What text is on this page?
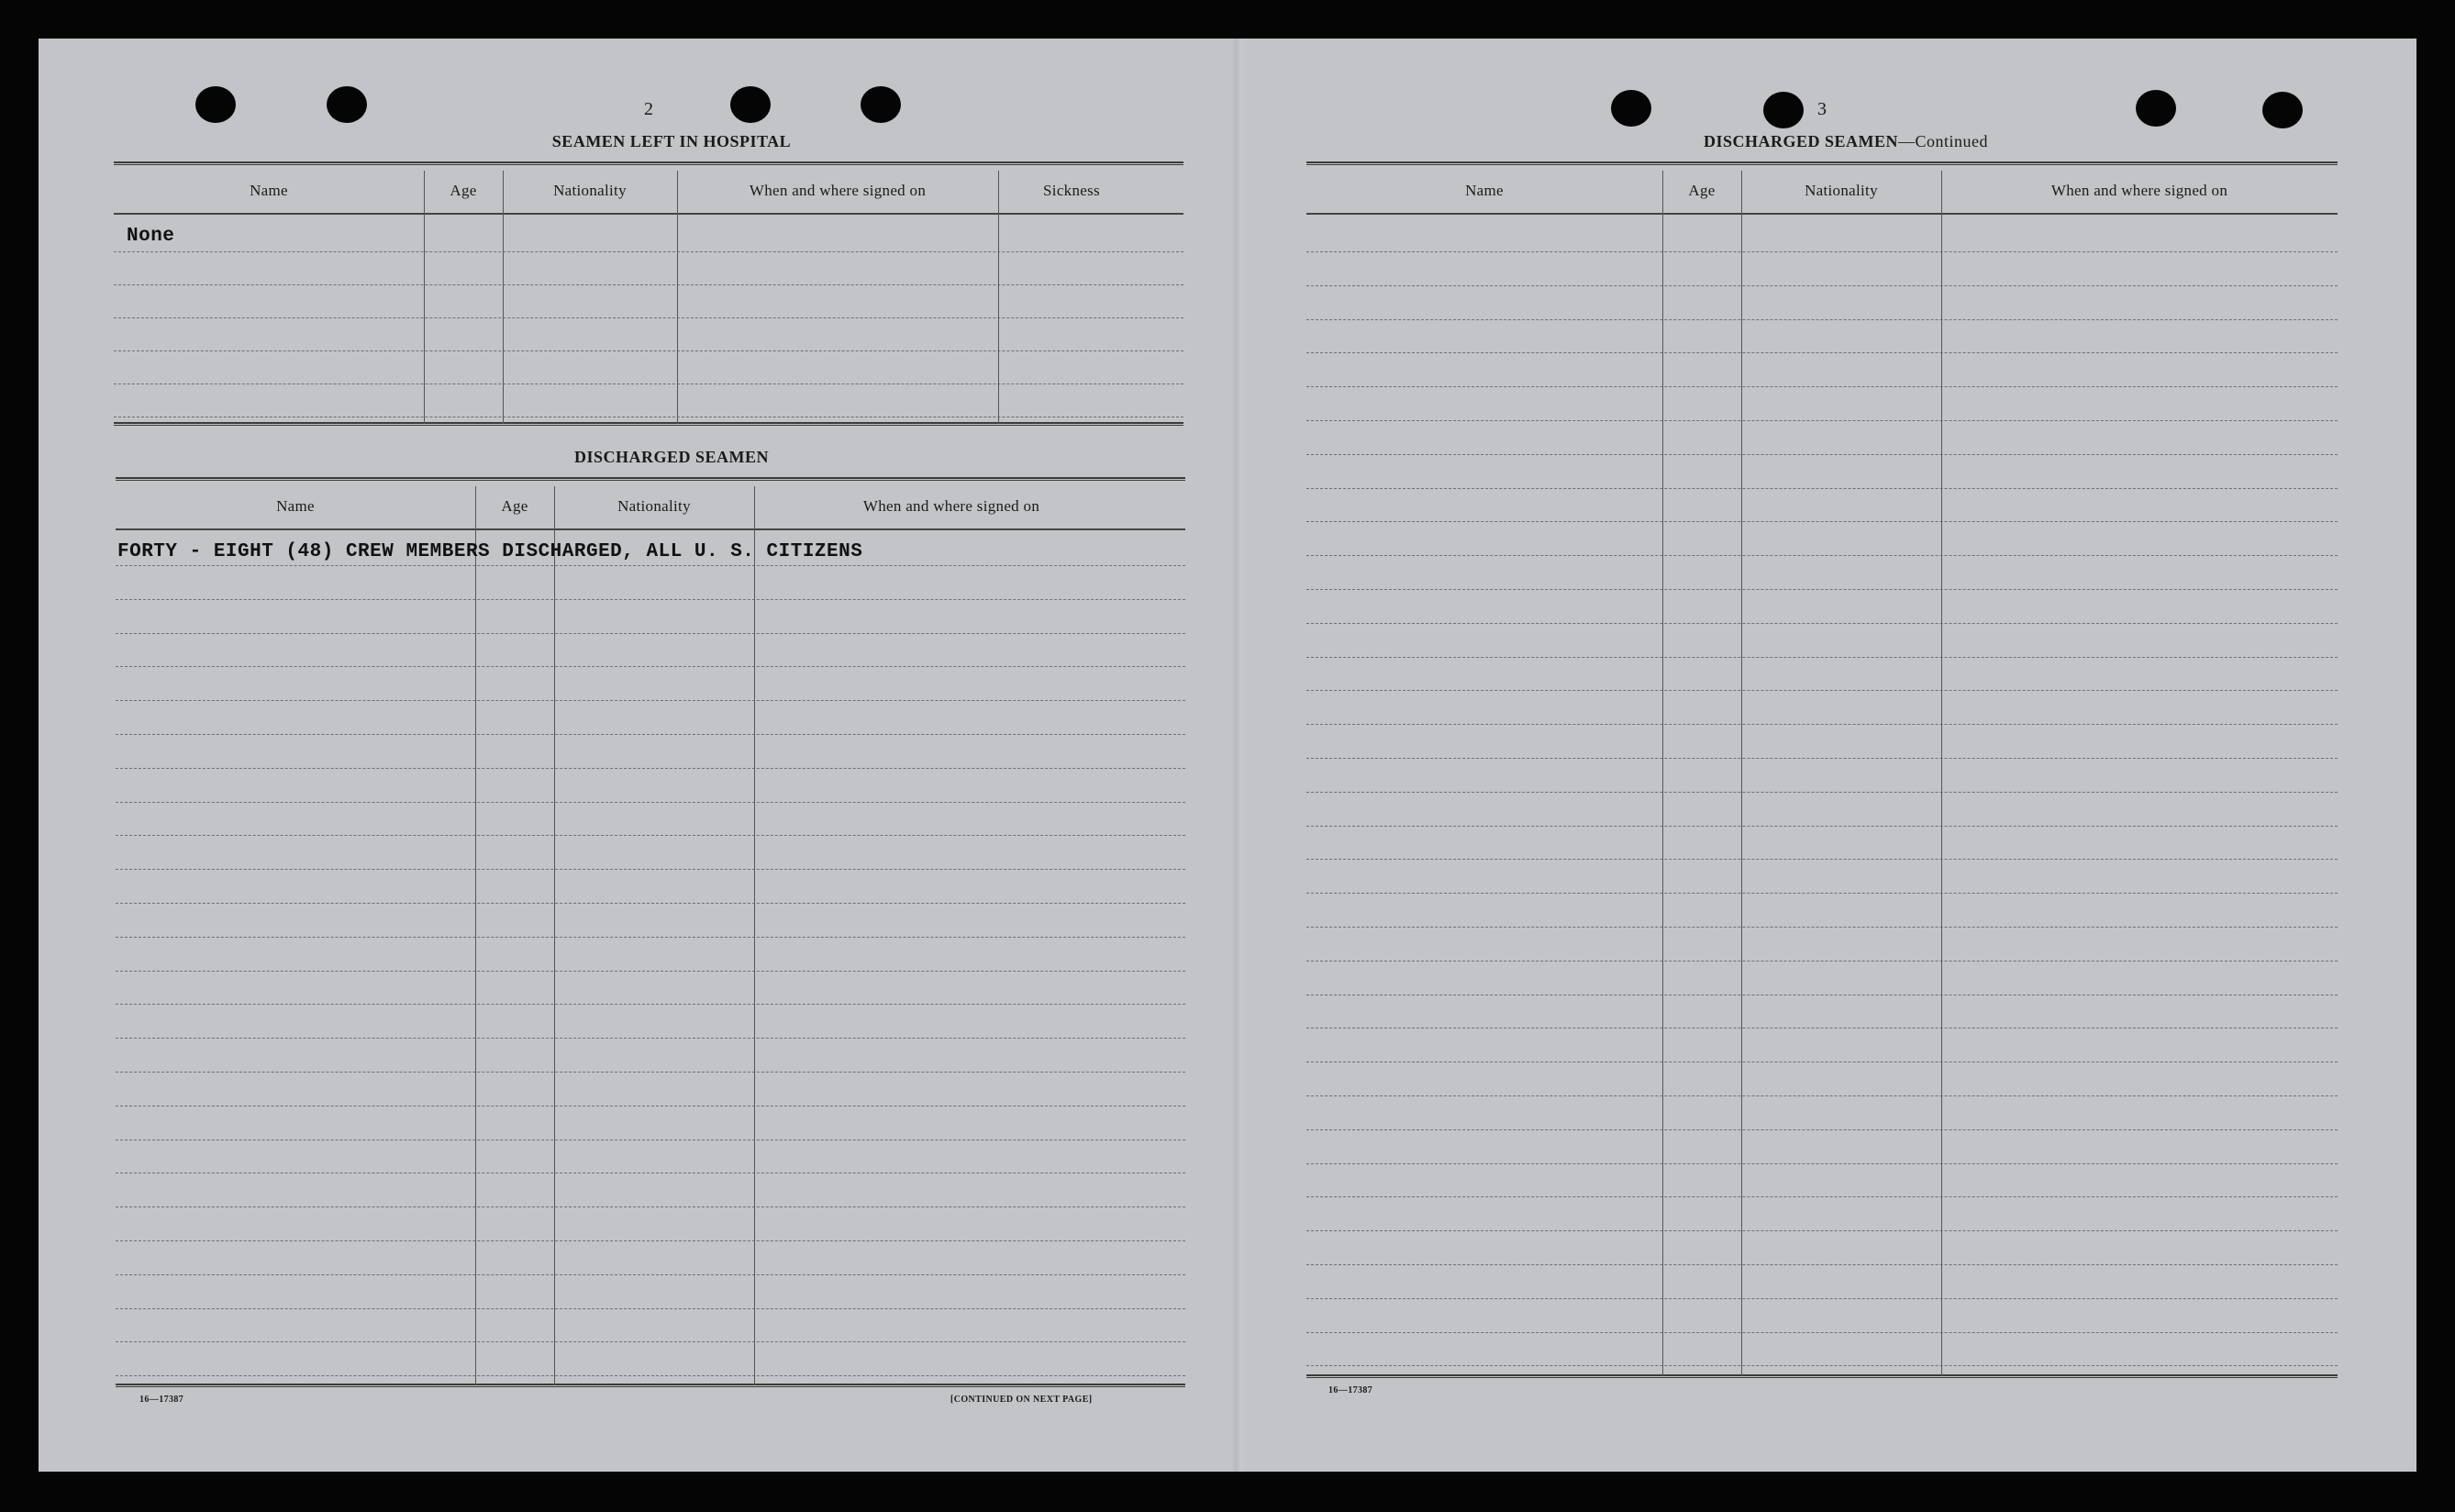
2
SEAMEN LEFT IN HOSPITAL
Name	Age	Nationality	When and where signed on	Sickness
None
DISCHARGED SEAMEN
Name	Age	Nationality	When and where signed on
FORTY - EIGHT (48) CREW MEMBERS DISCHARGED, ALL U. S. CITIZENS
16—17387	[CONTINUED ON NEXT PAGE]
3
DISCHARGED SEAMEN—Continued
Name	Age	Nationality	When and where signed on
16—17387
